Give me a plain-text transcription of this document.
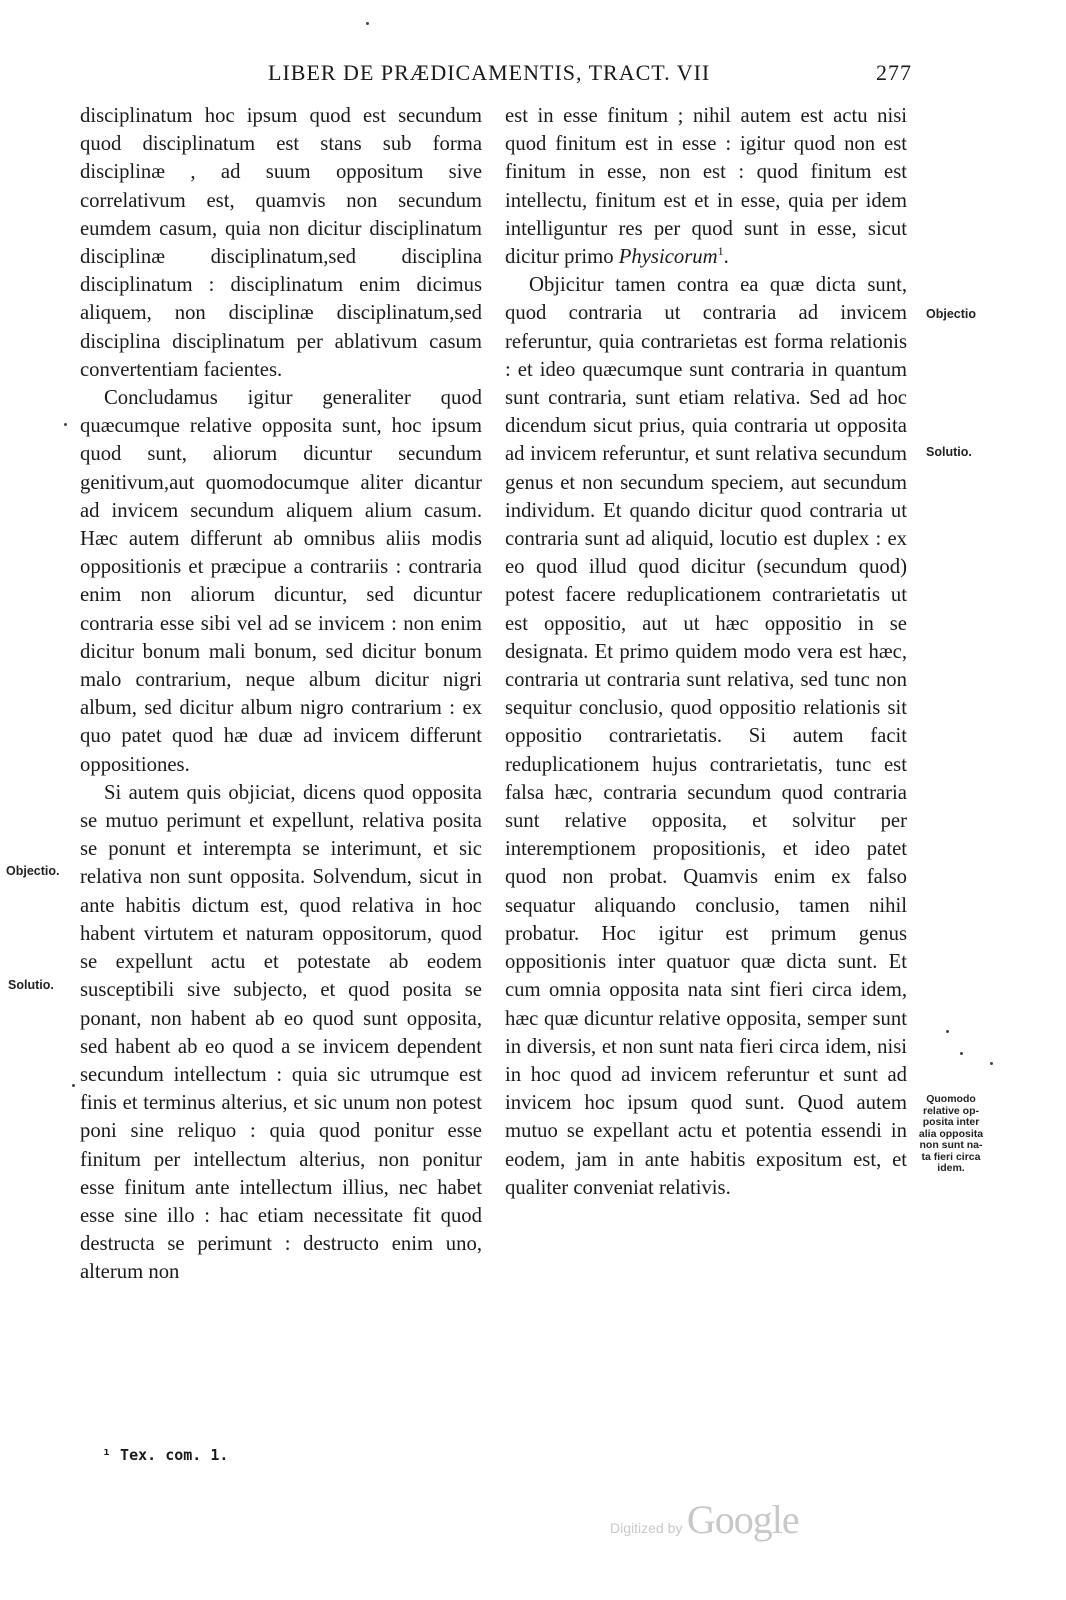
LIBER DE PRÆDICAMENTIS, TRACT. VII	277

disciplinatum hoc ipsum quod est secundum quod disciplinatum est stans sub forma disciplinæ , ad suum oppositum sive correlativum est, quamvis non secundum eumdem casum, quia non dicitur disciplinatum disciplinæ disciplinatum,sed disciplina disciplinatum : disciplinatum enim dicimus aliquem, non disciplinæ disciplinatum,sed disciplina disciplinatum per ablativum casum convertentiam facientes.

Concludamus igitur generaliter quod quæcumque relative opposita sunt, hoc ipsum quod sunt, aliorum dicuntur secundum genitivum,aut quomodocumque aliter dicantur ad invicem secundum aliquem alium casum. Hæc autem differunt ab omnibus aliis modis oppositionis et præcipue a contrariis : contraria enim non aliorum dicuntur, sed dicuntur contraria esse sibi vel ad se invicem : non enim dicitur bonum mali bonum, sed dicitur bonum malo contrarium, neque album dicitur nigri album, sed dicitur album nigro contrarium : ex quo patet quod hæ duæ ad invicem differunt oppositiones.

Si autem quis objiciat, dicens quod opposita se mutuo perimunt et expellunt, relativa posita se ponunt et interempta se interimunt, et sic relativa non sunt opposita. Solvendum, sicut in ante habitis dictum est, quod relativa in hoc habent virtutem et naturam oppositorum, quod se expellunt actu et potestate ab eodem susceptibili sive subjecto, et quod posita se ponant, non habent ab eo quod sunt opposita, sed habent ab eo quod a se invicem dependent secundum intellectum : quia sic utrumque est finis et terminus alterius, et sic unum non potest poni sine reliquo : quia quod ponitur esse finitum per intellectum alterius, non ponitur esse finitum ante intellectum illius, nec habet esse sine illo : hac etiam necessitate fit quod destructa se perimunt : destructo enim uno, alterum non

est in esse finitum ; nihil autem est actu nisi quod finitum est in esse : igitur quod non est finitum in esse, non est : quod finitum est intellectu, finitum est et in esse, quia per idem intelliguntur res per quod sunt in esse, sicut dicitur primo Physicorum$^1$.

Objicitur tamen contra ea quæ dicta sunt, quod contraria ut contraria ad invicem referuntur, quia contrarietas est forma relationis : et ideo quæcumque sunt contraria in quantum sunt contraria, sunt etiam relativa. Sed ad hoc dicendum sicut prius, quia contraria ut opposita ad invicem referuntur, et sunt relativa secundum genus et non secundum speciem, aut secundum individum. Et quando dicitur quod contraria ut contraria sunt ad aliquid, locutio est duplex : ex eo quod illud quod dicitur (secundum quod) potest facere reduplicationem contrarietatis ut est oppositio, aut ut hæc oppositio in se designata. Et primo quidem modo vera est hæc, contraria ut contraria sunt relativa, sed tunc non sequitur conclusio, quod oppositio relationis sit oppositio contrarietatis. Si autem facit reduplicationem hujus contrarietatis, tunc est falsa hæc, contraria secundum quod contraria sunt relative opposita, et solvitur per interemptionem propositionis, et ideo patet quod non probat. Quamvis enim ex falso sequatur aliquando conclusio, tamen nihil probatur. Hoc igitur est primum genus oppositionis inter quatuor quæ dicta sunt. Et cum omnia opposita nata sint fieri circa idem, hæc quæ dicuntur relative opposita, semper sunt in diversis, et non sunt nata fieri circa idem, nisi in hoc quod ad invicem referuntur et sunt ad invicem hoc ipsum quod sunt. Quod autem mutuo se expellant actu et potentia essendi in eodem, jam in ante habitis expositum est, et qualiter conveniat relativis.

Objectio.
Solutio.
Objectio
Solutio.
Quomodo
relative op-
posita inter
alia opposita
non sunt na-
ta fieri circa
idem.
¹ Tex. com. 1.
Digitized by Google
